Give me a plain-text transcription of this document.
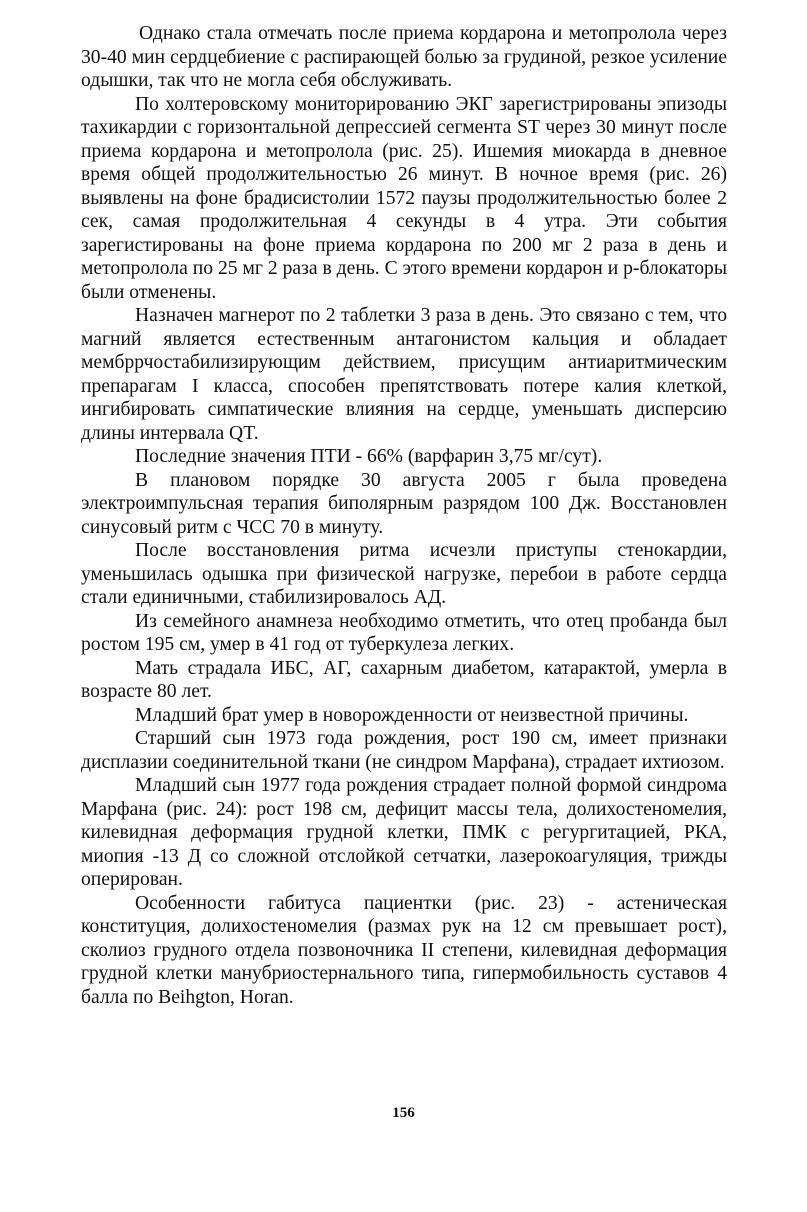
Однако стала отмечать после приема кордарона и метопролола через 30-40 мин сердцебиение с распирающей болью за грудиной, резкое усиление одышки, так что не могла себя обслуживать.

По холтеровскому мониторированию ЭКГ зарегистрированы эпизоды тахикардии с горизонтальной депрессией сегмента ST через 30 минут после приема кордарона и метопролола (рис. 25). Ишемия миокарда в дневное время общей продолжительностью 26 минут. В ночное время (рис. 26) выявлены на фоне брадисистолии 1572 паузы продолжительностью более 2 сек, самая продолжительная 4 секунды в 4 утра. Эти события зарегистированы на фоне приема кордарона по 200 мг 2 раза в день и метопролола по 25 мг 2 раза в день. С этого времени кордарон и р-блокаторы были отменены.

Назначен магнерот по 2 таблетки 3 раза в день. Это связано с тем, что магний является естественным антагонистом кальция и обладает мембррчостабилизирующим действием, присущим антиаритмическим препарагам I класса, способен препятствовать потере калия клеткой, ингибировать симпатические влияния на сердце, уменьшать дисперсию длины интервала QT.

Последние значения ПТИ - 66% (варфарин 3,75 мг/сут).

В плановом порядке 30 августа 2005 г была проведена электроимпульсная терапия биполярным разрядом 100 Дж. Восстановлен синусовый ритм с ЧСС 70 в минуту.

После восстановления ритма исчезли приступы стенокардии, уменьшилась одышка при физической нагрузке, перебои в работе сердца стали единичными, стабилизировалось АД.

Из семейного анамнеза необходимо отметить, что отец пробанда был ростом 195 см, умер в 41 год от туберкулеза легких.

Мать страдала ИБС, АГ, сахарным диабетом, катарактой, умерла в возрасте 80 лет.

Младший брат умер в новорожденности от неизвестной причины.

Старший сын 1973 года рождения, рост 190 см, имеет признаки дисплазии соединительной ткани (не синдром Марфана), страдает ихтиозом.

Младший сын 1977 года рождения страдает полной формой синдрома Марфана (рис. 24): рост 198 см, дефицит массы тела, долихостеномелия, килевидная деформация грудной клетки, ПМК с регургитацией, РКА, миопия -13 Д со сложной отслойкой сетчатки, лазерокоагуляция, трижды оперирован.

Особенности габитуса пациентки (рис. 23) - астеническая конституция, долихостеномелия (размах рук на 12 см превышает рост), сколиоз грудного отдела позвоночника II степени, килевидная деформация грудной клетки манубриостернального типа, гипермобильность суставов 4 балла по Beihgton, Horan.

156
